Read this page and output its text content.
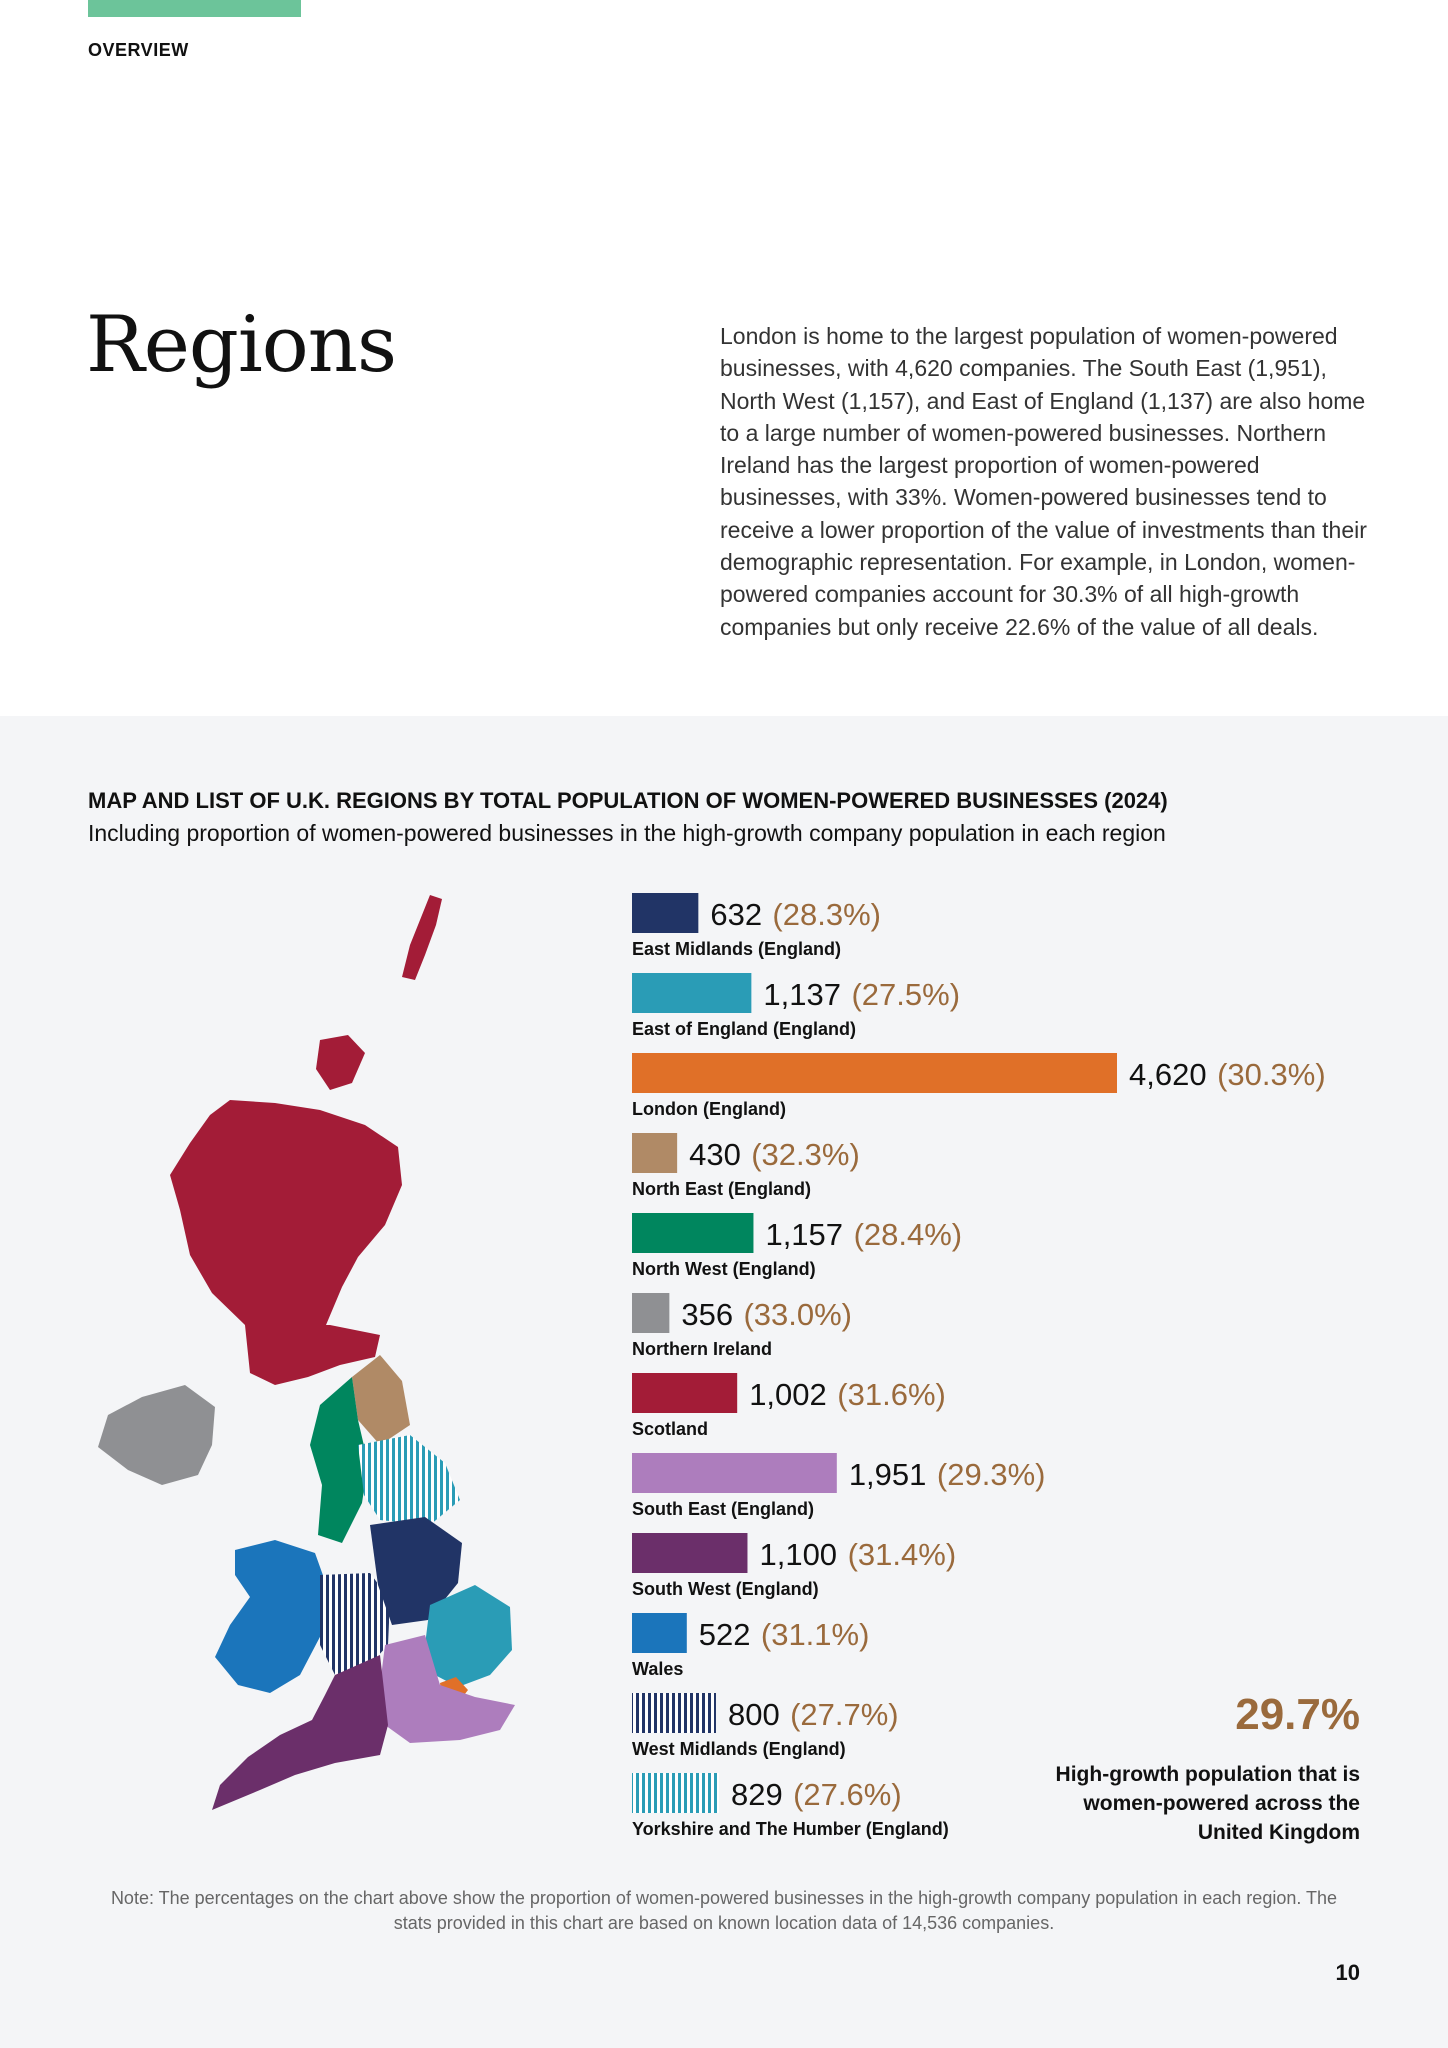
OVERVIEW
Regions	London is home to the largest population of women-powered businesses, with 4,620 companies. The South East (1,951), North West (1,157), and East of England (1,137) are also home to a large number of women-powered businesses. Northern Ireland has the largest proportion of women-powered businesses, with 33%. Women-powered businesses tend to receive a lower proportion of the value of investments than their demographic representation. For example, in London, women-powered companies account for 30.3% of all high-growth companies but only receive 22.6% of the value of all deals.
MAP AND LIST OF U.K. REGIONS BY TOTAL POPULATION OF WOMEN-POWERED BUSINESSES (2024)
Including proportion of women-powered businesses in the high-growth company population in each region
632 (28.3%)
East Midlands (England)
1,137 (27.5%)
East of England (England)
4,620 (30.3%)
London (England)
430 (32.3%)
North East (England)
1,157 (28.4%)
North West (England)
356 (33.0%)
Northern Ireland
1,002 (31.6%)
Scotland
1,951 (29.3%)
South East (England)
1,100 (31.4%)
South West (England)
522 (31.1%)
Wales
800 (27.7%)
West Midlands (England)
829 (27.6%)
Yorkshire and The Humber (England)
29.7%
High-growth population that is women-powered across the United Kingdom
Note: The percentages on the chart above show the proportion of women-powered businesses in the high-growth company population in each region. The stats provided in this chart are based on known location data of 14,536 companies.
10
